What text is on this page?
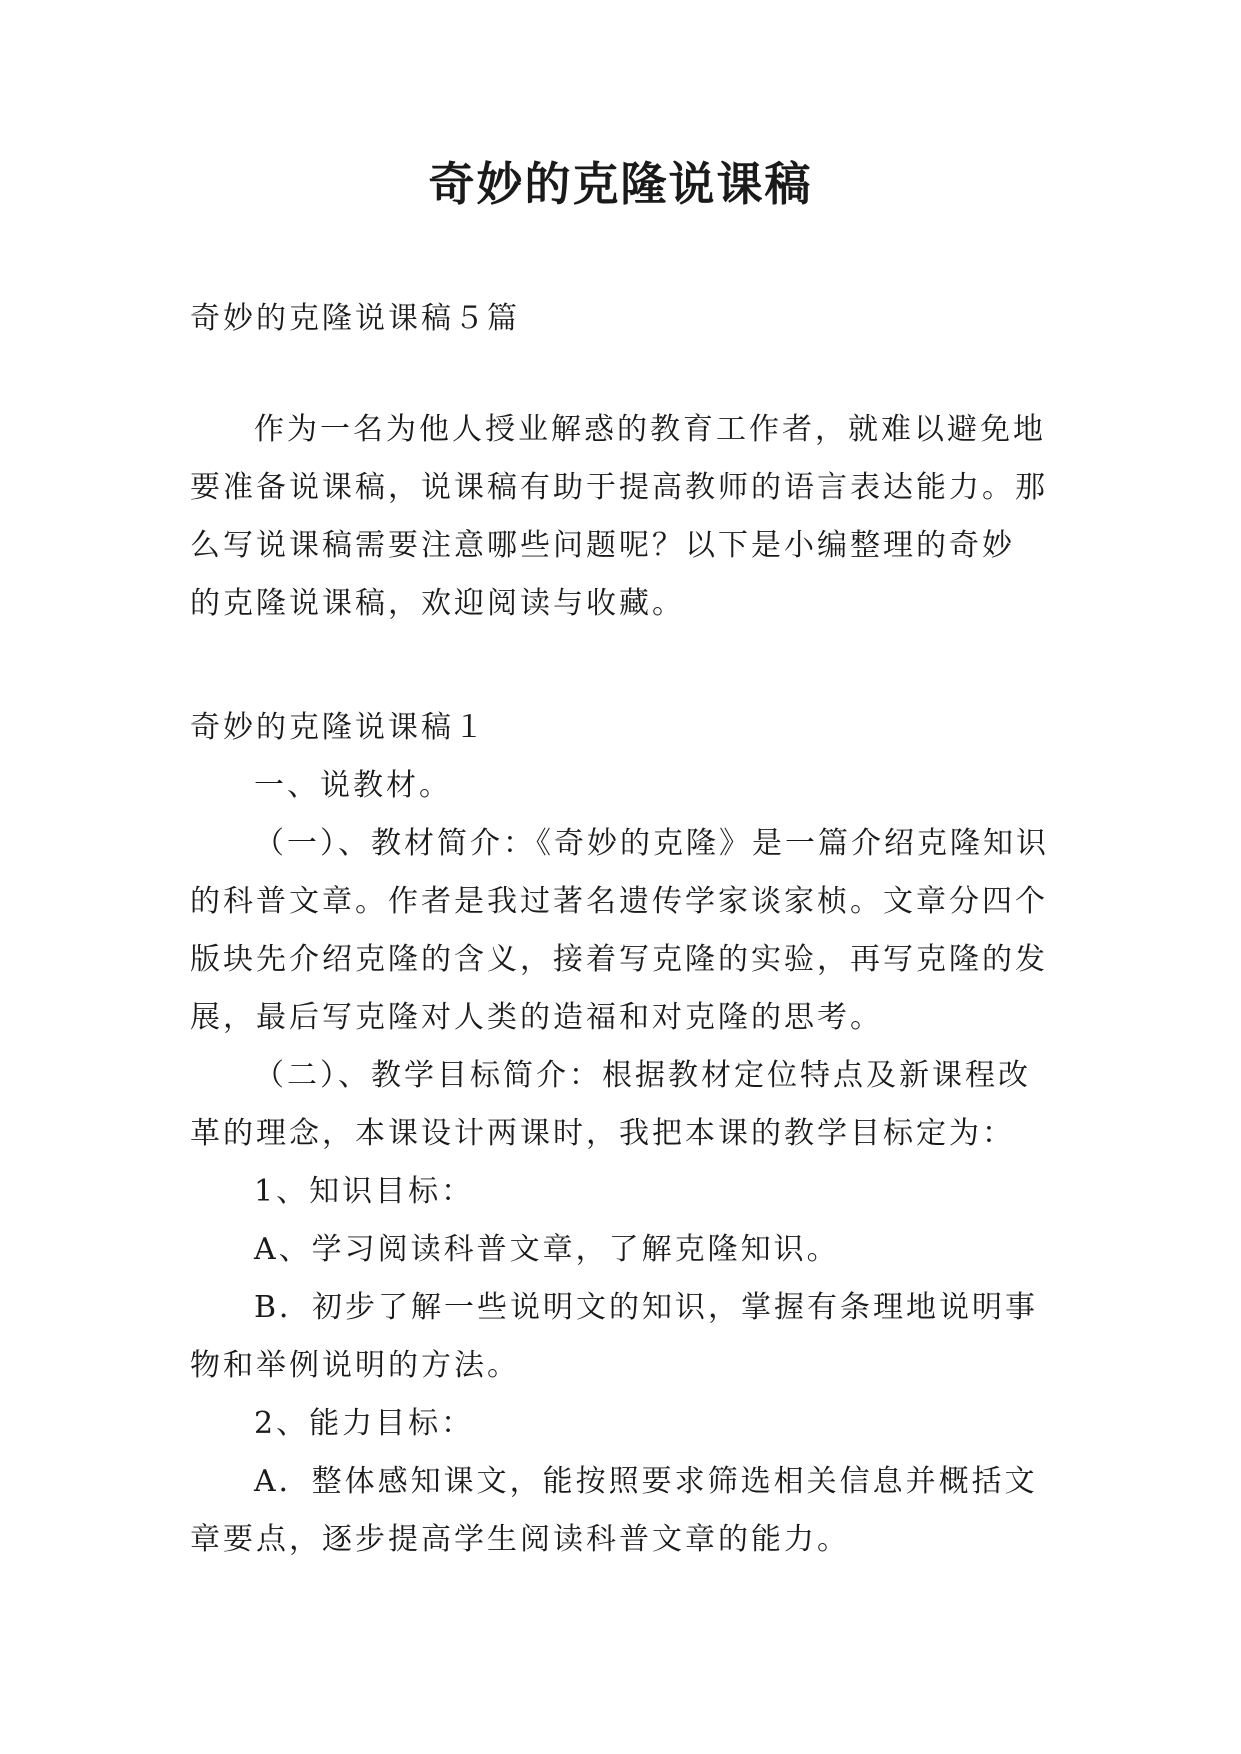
奇妙的克隆说课稿
奇妙的克隆说课稿５篇
作为一名为他人授业解惑的教育工作者，就难以避免地
要准备说课稿，说课稿有助于提高教师的语言表达能力。那
么写说课稿需要注意哪些问题呢？以下是小编整理的奇妙
的克隆说课稿，欢迎阅读与收藏。
奇妙的克隆说课稿１
一、说教材。
（一）、教材简介：《奇妙的克隆》是一篇介绍克隆知识
的科普文章。作者是我过著名遗传学家谈家桢。文章分四个
版块先介绍克隆的含义，接着写克隆的实验，再写克隆的发
展，最后写克隆对人类的造福和对克隆的思考。
（二）、教学目标简介：根据教材定位特点及新课程改
革的理念，本课设计两课时，我把本课的教学目标定为：
1、知识目标：
A、学习阅读科普文章，了解克隆知识。
B．初步了解一些说明文的知识，掌握有条理地说明事
物和举例说明的方法。
2、能力目标：
A．整体感知课文，能按照要求筛选相关信息并概括文
章要点，逐步提高学生阅读科普文章的能力。
